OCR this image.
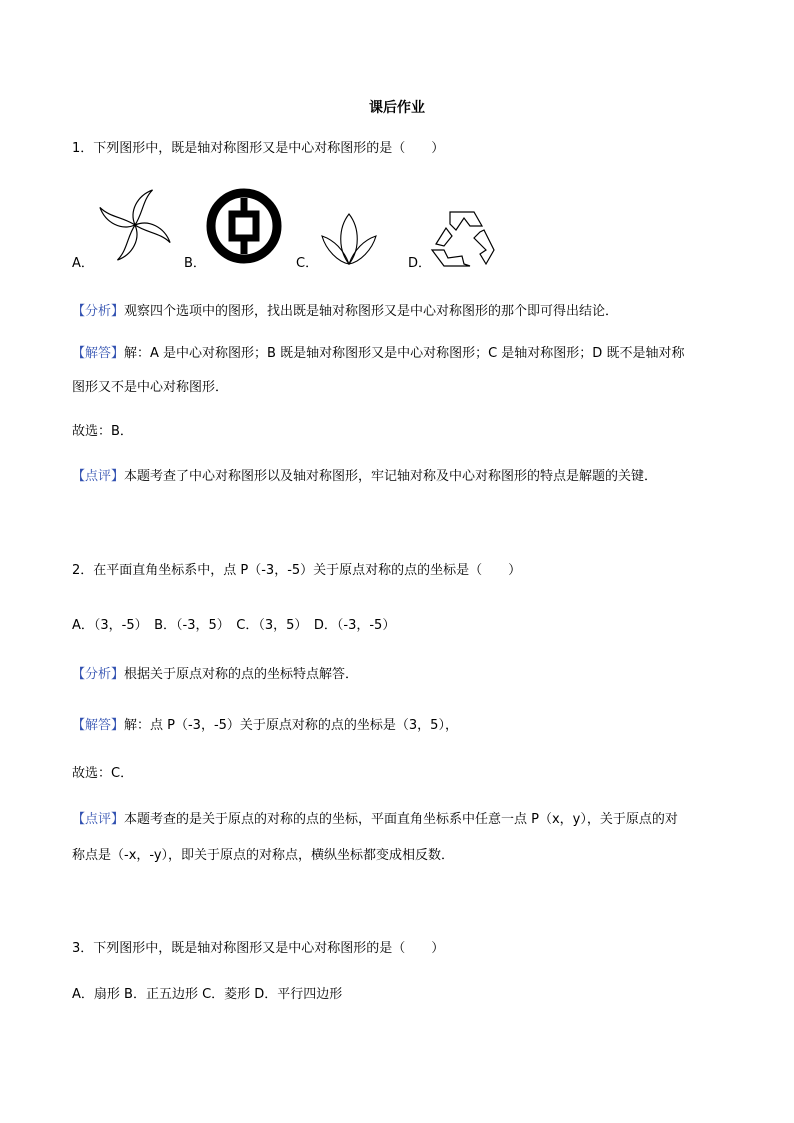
课后作业
1．下列图形中，既是轴对称图形又是中心对称图形的是（　　）
A．	B．	C．	D．
【分析】观察四个选项中的图形，找出既是轴对称图形又是中心对称图形的那个即可得出结论．
【解答】解：A 是中心对称图形；B 既是轴对称图形又是中心对称图形；C 是轴对称图形；D 既不是轴对称
图形又不是中心对称图形．
故选：B．
【点评】本题考查了中心对称图形以及轴对称图形，牢记轴对称及中心对称图形的特点是解题的关键．
2．在平面直角坐标系中，点 P（-3，-5）关于原点对称的点的坐标是（　　）
A．（3，-5）　B．（-3，5）　C．（3，5）　D．（-3，-5）
【分析】根据关于原点对称的点的坐标特点解答．
【解答】解：点 P（-3，-5）关于原点对称的点的坐标是（3，5），
故选：C．
【点评】本题考查的是关于原点的对称的点的坐标，平面直角坐标系中任意一点 P（x，y），关于原点的对
称点是（-x，-y），即关于原点的对称点，横纵坐标都变成相反数．
3．下列图形中，既是轴对称图形又是中心对称图形的是（　　）
A．扇形 B．正五边形 C．菱形 D．平行四边形
